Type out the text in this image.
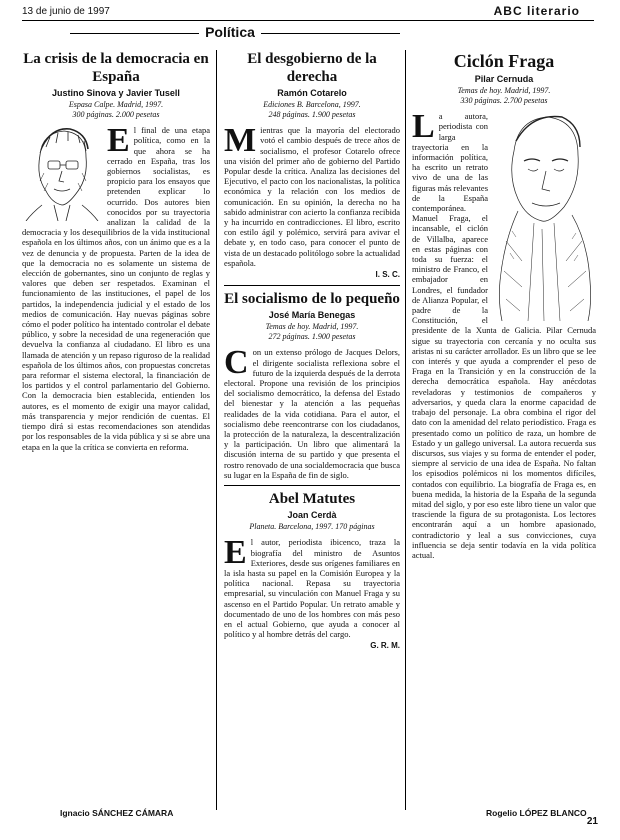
13 de junio de 1997	ABC literario
Política
La crisis de la democracia en España
Justino Sinova y Javier Tusell
Espasa Calpe. Madrid, 1997.
300 páginas. 2.000 pesetas
E l final de una etapa política, como en la que ahora se ha cerrado en España, tras los gobiernos socialistas, es propicio para los ensayos que pretenden explicar lo ocurrido. Dos autores bien conocidos por su trayectoria analizan la calidad de la democracia y los desequilibrios de la vida institucional española en los últimos años, con un ánimo que es a la vez de denuncia y de propuesta. Parten de la idea de que la democracia no es solamente un sistema de elección de gobernantes, sino un conjunto de reglas y valores que deben ser respetados. Examinan el funcionamiento de las instituciones, el papel de los partidos, la independencia judicial y el estado de los medios de comunicación. Hay nuevas páginas sobre cómo el poder político ha intentado controlar el debate público, y sobre la necesidad de una regeneración que devuelva la confianza al ciudadano. El libro es una llamada de atención y un repaso riguroso de la realidad española de los últimos años, con propuestas concretas para reformar el sistema electoral, la financiación de los partidos y el control parlamentario del Gobierno. Con la democracia bien establecida, entienden los autores, es el momento de exigir una mayor calidad, más transparencia y mejor rendición de cuentas. El tiempo dirá si estas recomendaciones son atendidas por los responsables de la vida pública y si se abre una etapa en la que la crítica se convierta en reforma.

Ignacio SÁNCHEZ CÁMARA
El desgobierno de la derecha
Ramón Cotarelo
Ediciones B. Barcelona, 1997.
248 páginas. 1.900 pesetas
M ientras que la mayoría del electorado votó el cambio después de trece años de socialismo, el profesor Cotarelo ofrece una visión del primer año de gobierno del Partido Popular desde la crítica. Analiza las decisiones del Ejecutivo, el pacto con los nacionalistas, la política económica y la relación con los medios de comunicación. En su opinión, la derecha no ha sabido administrar con acierto la confianza recibida y ha incurrido en contradicciones. El libro, escrito con estilo ágil y polémico, servirá para avivar el debate y, en todo caso, para conocer el punto de vista de un destacado politólogo sobre la actualidad española.

I. S. C.
El socialismo de lo pequeño
José María Benegas
Temas de hoy. Madrid, 1997.
272 páginas. 1.900 pesetas
C on un extenso prólogo de Jacques Delors, el dirigente socialista reflexiona sobre el futuro de la izquierda después de la derrota electoral. Propone una revisión de los principios del socialismo democrático, la defensa del Estado del bienestar y la atención a las pequeñas realidades de la vida cotidiana. Para el autor, el socialismo debe reencontrarse con los ciudadanos, la protección de la naturaleza, la descentralización y la participación. Un libro que alimentará la discusión interna de su partido y que presenta el rostro renovado de una socialdemocracia que busca su lugar en la España de fin de siglo.

Abel Matutes
Joan Cerdà
Planeta. Barcelona, 1997. 170 páginas
E l autor, periodista ibicenco, traza la biografía del ministro de Asuntos Exteriores, desde sus orígenes familiares en la isla hasta su papel en la Comisión Europea y la política nacional. Repasa su trayectoria empresarial, su vinculación con Manuel Fraga y su ascenso en el Partido Popular. Un retrato amable y documentado de uno de los hombres con más peso en el actual Gobierno, que ayuda a conocer al político y al hombre detrás del cargo.

G. R. M.
Ciclón Fraga
Pilar Cernuda
Temas de hoy. Madrid, 1997.
330 páginas. 2.700 pesetas
L a autora, periodista con larga trayectoria en la información política, ha escrito un retrato vivo de una de las figuras más relevantes de la España contemporánea. Manuel Fraga, el incansable, el ciclón de Villalba, aparece en estas páginas con toda su fuerza: el ministro de Franco, el embajador en Londres, el fundador de Alianza Popular, el padre de la Constitución, el presidente de la Xunta de Galicia. Pilar Cernuda sigue su trayectoria con cercanía y no oculta sus aristas ni su carácter arrollador. Es un libro que se lee con interés y que ayuda a comprender el peso de Fraga en la Transición y en la construcción de la derecha democrática española. Hay anécdotas reveladoras y testimonios de compañeros y adversarios, y queda clara la enorme capacidad de trabajo del personaje. La obra combina el rigor del dato con la amenidad del relato periodístico. Fraga es presentado como un político de raza, un hombre de Estado y un gallego universal. La autora recuerda sus discursos, sus viajes y su forma de entender el poder, siempre al servicio de una idea de España. No faltan los episodios polémicos ni los momentos difíciles, contados con equilibrio. La biografía de Fraga es, en buena medida, la historia de la España de la segunda mitad del siglo, y por eso este libro tiene un valor que trasciende la figura de su protagonista. Los lectores encontrarán aquí a un hombre apasionado, contradictorio y leal a sus convicciones, cuya influencia se deja sentir todavía en la vida política actual.

Rogelio LÓPEZ BLANCO
21
